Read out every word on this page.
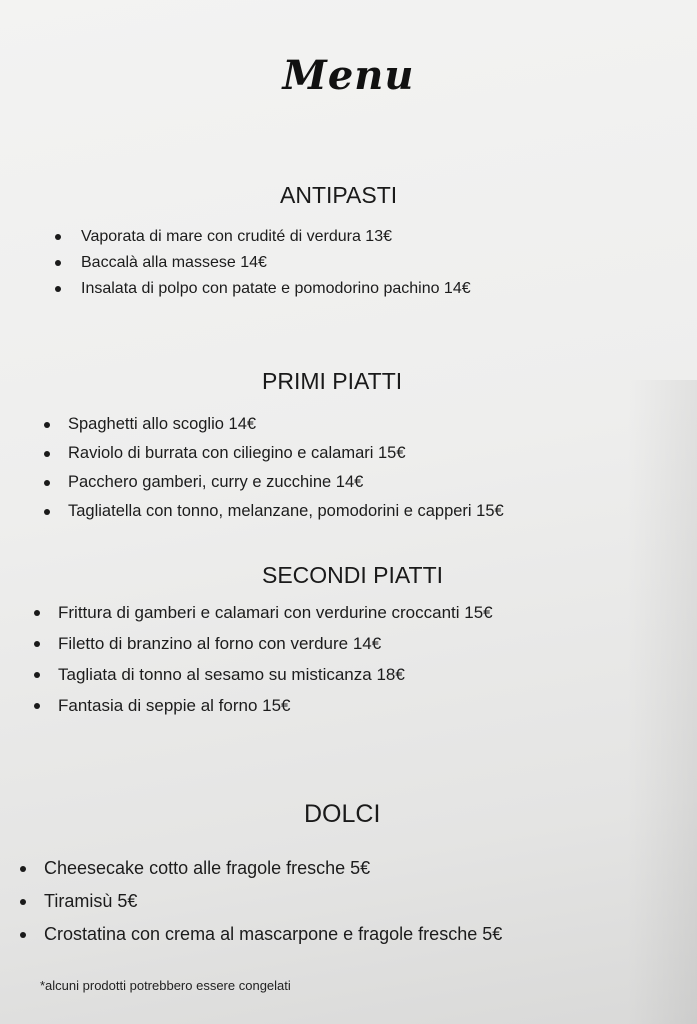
Menu
ANTIPASTI
Vaporata di mare con crudité di verdura 13€
Baccalà alla massese 14€
Insalata di polpo con patate e pomodorino pachino 14€
PRIMI PIATTI
Spaghetti allo scoglio 14€
Raviolo di burrata con ciliegino e calamari 15€
Pacchero gamberi, curry e zucchine 14€
Tagliatella con tonno, melanzane, pomodorini e capperi 15€
SECONDI PIATTI
Frittura di gamberi e calamari con verdurine croccanti 15€
Filetto di branzino al forno con verdure 14€
Tagliata di tonno al sesamo su misticanza 18€
Fantasia di seppie al forno 15€
DOLCI
Cheesecake cotto alle fragole fresche 5€
Tiramisù 5€
Crostatina con crema al mascarpone e fragole fresche 5€
*alcuni prodotti potrebbero essere congelati
